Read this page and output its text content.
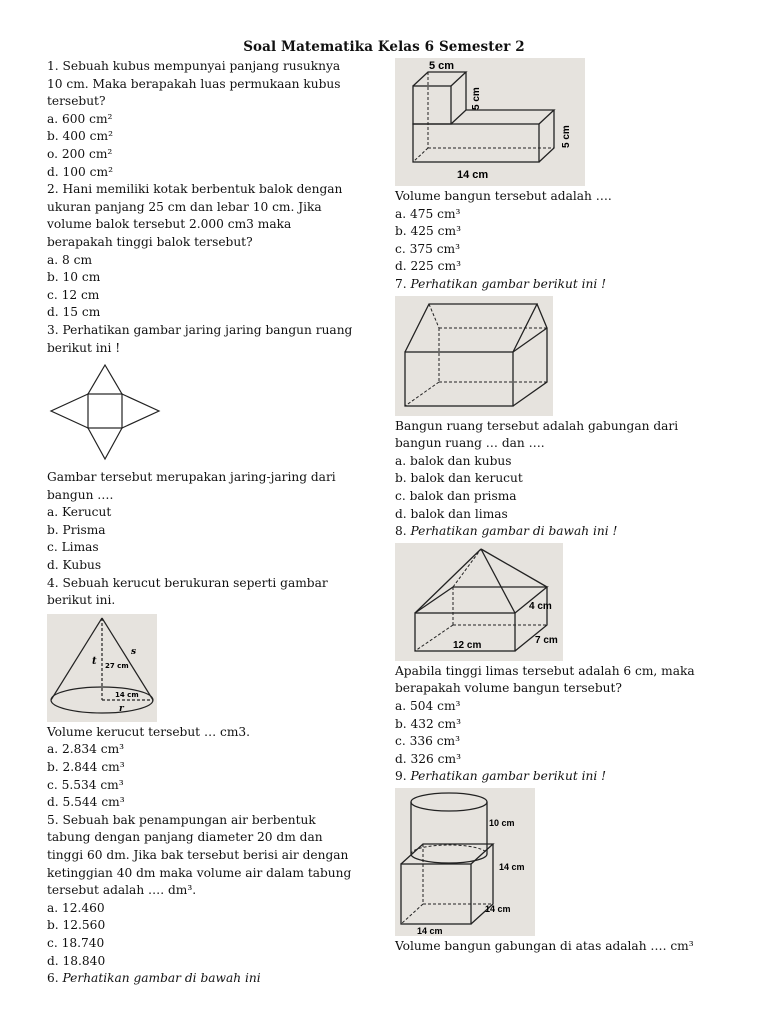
Soal Matematika Kelas 6 Semester 2

1. Sebuah kubus mempunyai panjang rusuknya

10 cm. Maka berapakah luas permukaan kubus

tersebut?

a. 600 cm²

b. 400 cm²

o. 200 cm²

d. 100 cm²

2. Hani memiliki kotak berbentuk balok dengan

ukuran panjang 25 cm dan lebar 10 cm. Jika

volume balok tersebut 2.000 cm3 maka

berapakah tinggi balok tersebut?

a. 8 cm

b. 10 cm

c. 12 cm

d. 15 cm

3. Perhatikan gambar jaring jaring bangun ruang

berikut ini !

Gambar tersebut merupakan jaring-jaring dari

bangun ….

a. Kerucut

b. Prisma

c. Limas

d. Kubus

4. Sebuah kerucut berukuran seperti gambar

berikut ini.

t 27 cm
s
14 cm
r

Volume kerucut tersebut … cm3.

a. 2.834 cm³

b. 2.844 cm³

c. 5.534 cm³

d. 5.544 cm³

5. Sebuah bak penampungan air berbentuk

tabung dengan panjang diameter 20 dm dan

tinggi 60 dm. Jika bak tersebut berisi air dengan

ketinggian 40 dm maka volume air dalam tabung

tersebut adalah …. dm³.

a. 12.460

b. 12.560

c. 18.740

d. 18.840

6. Perhatikan gambar di bawah ini

5 cm
5 cm
5 cm
14 cm

Volume bangun tersebut adalah ….

a. 475 cm³

b. 425 cm³

c. 375 cm³

d. 225 cm³

7. Perhatikan gambar berikut ini !

Bangun ruang tersebut adalah gabungan dari

bangun ruang … dan ….

a. balok dan kubus

b. balok dan kerucut

c. balok dan prisma

d. balok dan limas

8. Perhatikan gambar di bawah ini !

4 cm
12 cm	7 cm

Apabila tinggi limas tersebut adalah 6 cm, maka

berapakah volume bangun tersebut?

a. 504 cm³

b. 432 cm³

c. 336 cm³

d. 326 cm³

9. Perhatikan gambar berikut ini !

10 cm
14 cm
14 cm
14 cm

Volume bangun gabungan di atas adalah …. cm³
